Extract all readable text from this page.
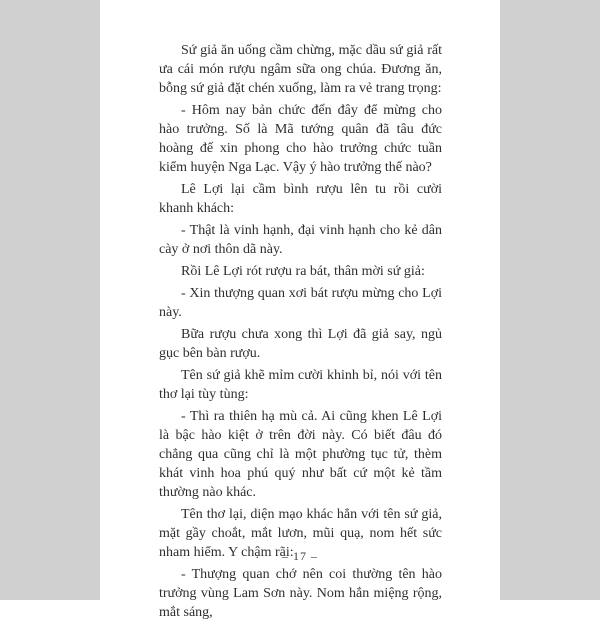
Sứ giả ăn uống cầm chừng, mặc dầu sứ giả rất ưa cái món rượu ngâm sữa ong chúa. Đương ăn, bỗng sứ giả đặt chén xuống, làm ra vẻ trang trọng:

- Hôm nay bản chức đến đây để mừng cho hào trưởng. Số là Mã tướng quân đã tâu đức hoàng đế xin phong cho hào trưởng chức tuần kiểm huyện Nga Lạc. Vậy ý hào trưởng thế nào?

Lê Lợi lại cầm bình rượu lên tu rồi cười khanh khách:

- Thật là vinh hạnh, đại vinh hạnh cho kẻ dân cày ở nơi thôn dã này.

Rồi Lê Lợi rót rượu ra bát, thân mời sứ giả:

- Xin thượng quan xơi bát rượu mừng cho Lợi này.

Bữa rượu chưa xong thì Lợi đã giả say, ngủ gục bên bàn rượu.

Tên sứ giả khẽ mỉm cười khinh bỉ, nói với tên thơ lại tùy tùng:

- Thì ra thiên hạ mù cả. Ai cũng khen Lê Lợi là bậc hào kiệt ở trên đời này. Có biết đâu đó chẳng qua cũng chỉ là một phường tục tử, thèm khát vinh hoa phú quý như bất cứ một kẻ tầm thường nào khác.

Tên thơ lại, diện mạo khác hẳn với tên sứ giả, mặt gầy choắt, mắt lươn, mũi quạ, nom hết sức nham hiểm. Y chậm rãi:

- Thượng quan chớ nên coi thường tên hào trưởng vùng Lam Sơn này. Nom hắn miệng rộng, mắt sáng,

– 17 –
